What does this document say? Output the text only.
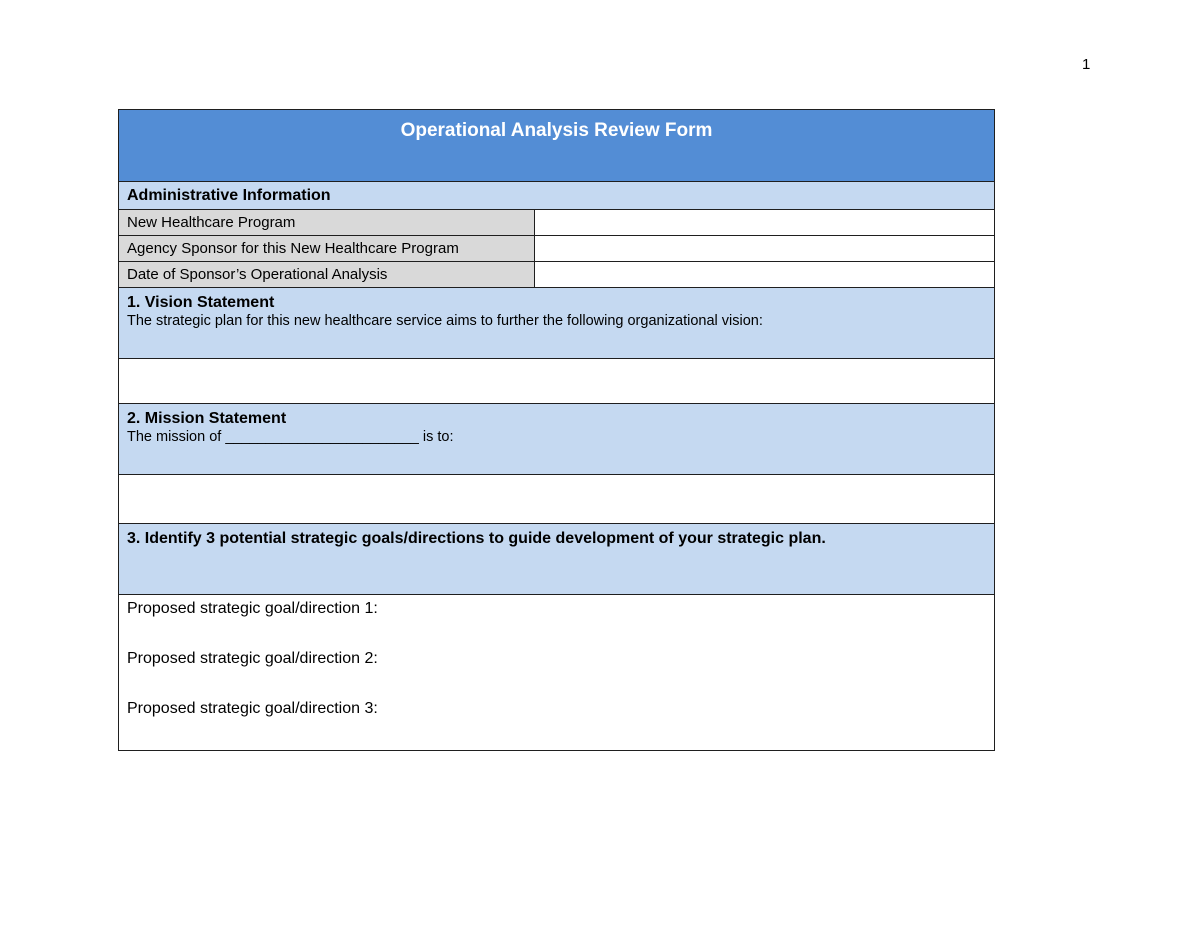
1
Operational Analysis Review Form	
Administrative Information	
New Healthcare Program	
Agency Sponsor for this New Healthcare Program	
Date of Sponsor’s Operational Analysis	
1. Vision Statement
The strategic plan for this new healthcare service aims to further the following organizational vision:	

2. Mission Statement
The mission of ________________________ is to:	

3. Identify 3 potential strategic goals/directions to guide development of your strategic plan.	

Proposed strategic goal/direction 1:
Proposed strategic goal/direction 2:
Proposed strategic goal/direction 3:	
